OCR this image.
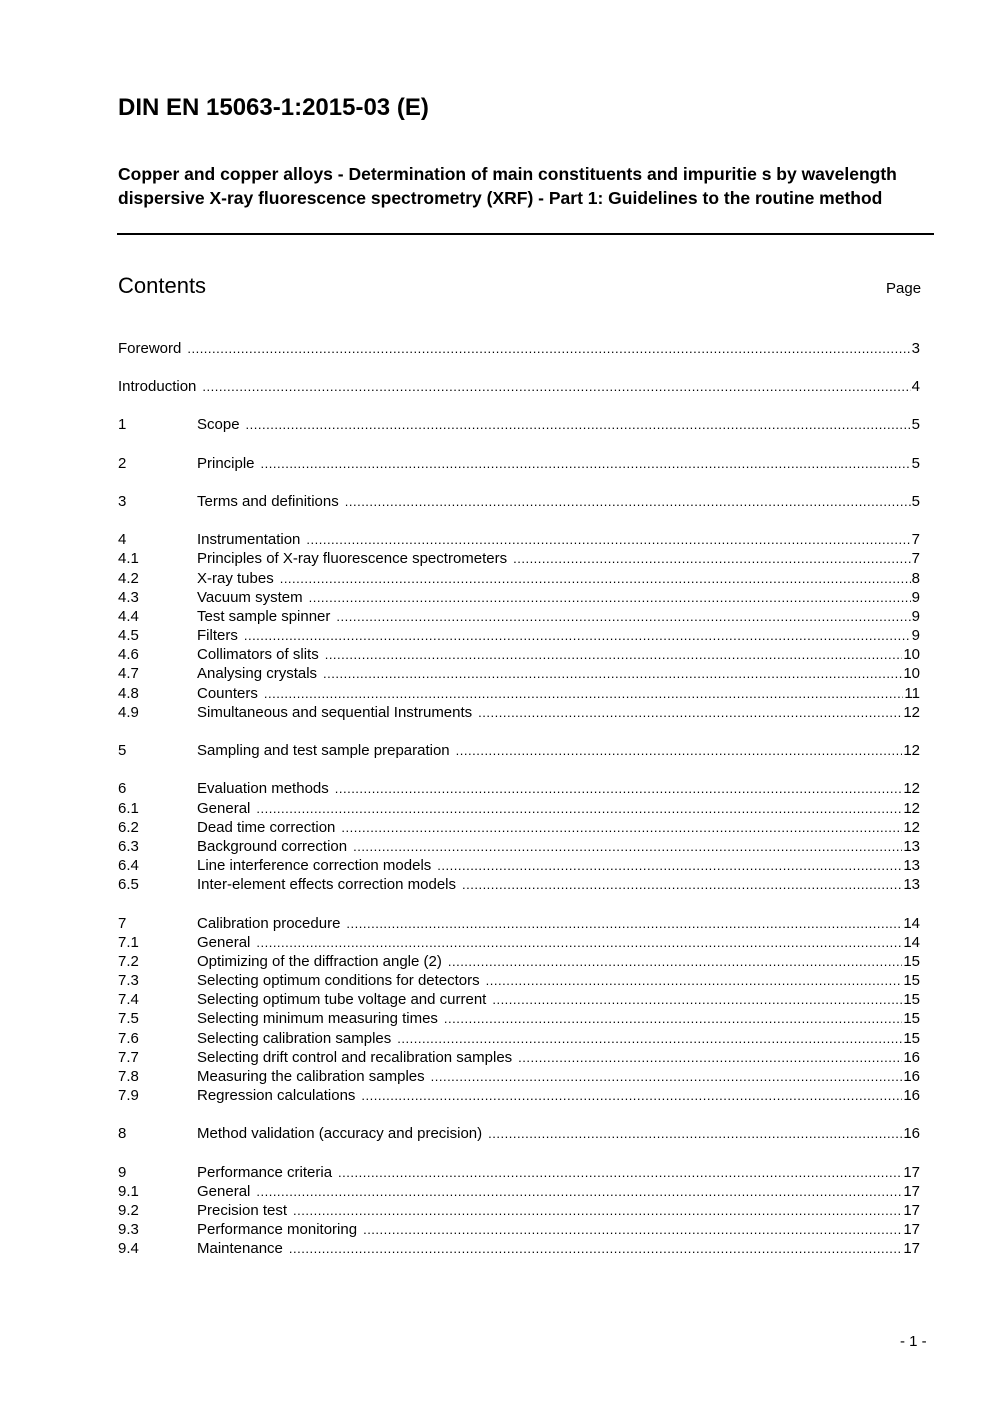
DIN EN 15063-1:2015-03 (E)
Copper and copper alloys - Determination of main constituents and impuritie s by wavelength dispersive X-ray fluorescence spectrometry (XRF) - Part 1: Guidelines to the routine method
Contents	Page
Foreword .....	3
Introduction .....	4
1	Scope .....	5
2	Principle .....	5
3	Terms and definitions .....	5
4	Instrumentation .....	7
4.1	Principles of X-ray fluorescence spectrometers .....	7
4.2	X-ray tubes .....	8
4.3	Vacuum system .....	9
4.4	Test sample spinner .....	9
4.5	Filters .....	9
4.6	Collimators of slits .....	10
4.7	Analysing crystals .....	10
4.8	Counters .....	11
4.9	Simultaneous and sequential Instruments .....	12
5	Sampling and test sample preparation .....	12
6	Evaluation methods .....	12
6.1	General .....	12
6.2	Dead time correction .....	12
6.3	Background correction .....	13
6.4	Line interference correction models .....	13
6.5	Inter-element effects correction models .....	13
7	Calibration procedure .....	14
7.1	General .....	14
7.2	Optimizing of the diffraction angle (2) .....	15
7.3	Selecting optimum conditions for detectors .....	15
7.4	Selecting optimum tube voltage and current .....	15
7.5	Selecting minimum measuring times .....	15
7.6	Selecting calibration samples .....	15
7.7	Selecting drift control and recalibration samples .....	16
7.8	Measuring the calibration samples .....	16
7.9	Regression calculations .....	16
8	Method validation (accuracy and precision) .....	16
9	Performance criteria .....	17
9.1	General .....	17
9.2	Precision test .....	17
9.3	Performance monitoring .....	17
9.4	Maintenance .....	17
- 1 -
